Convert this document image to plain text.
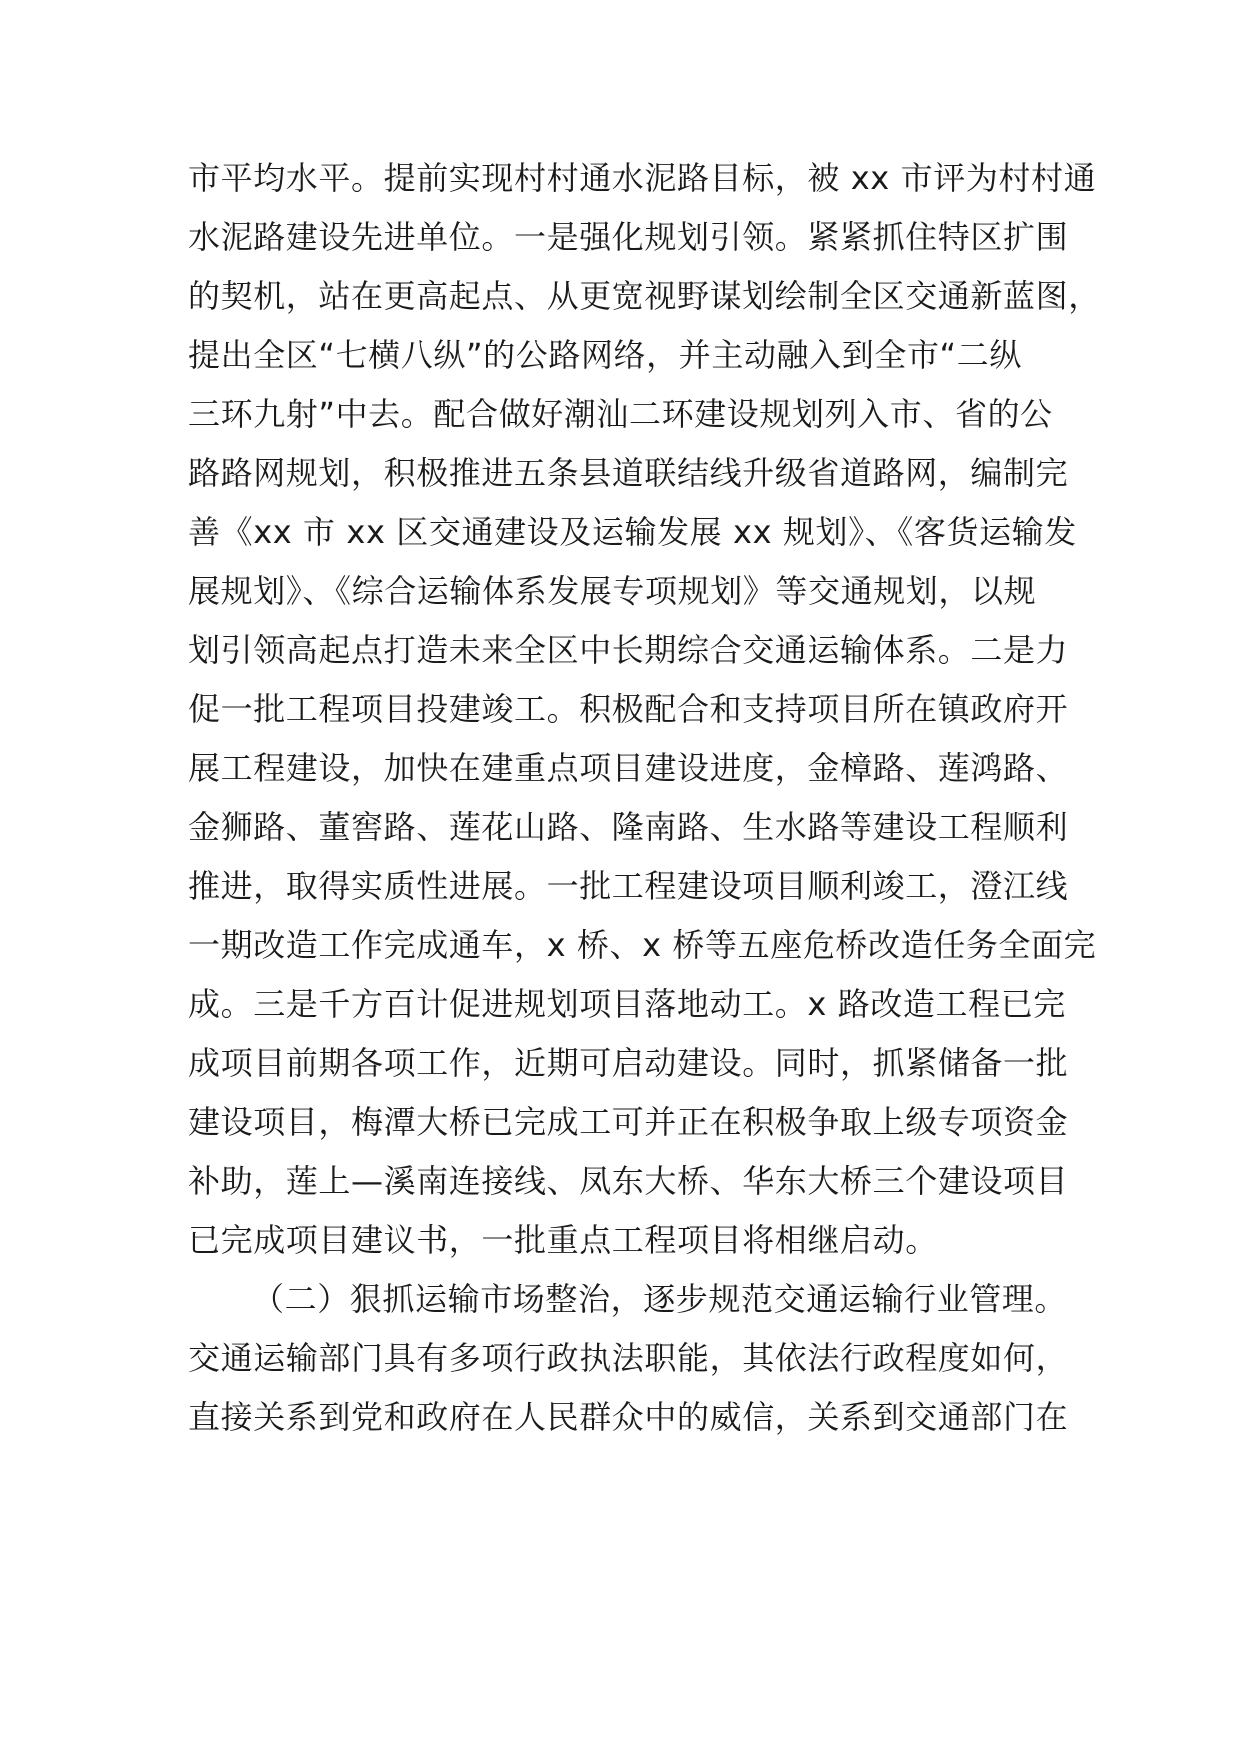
市平均水平。提前实现村村通水泥路目标，被 xx 市评为村村通
水泥路建设先进单位。一是强化规划引领。紧紧抓住特区扩围
的契机，站在更高起点、从更宽视野谋划绘制全区交通新蓝图，
提出全区“七横八纵”的公路网络，并主动融入到全市“二纵
三环九射”中去。配合做好潮汕二环建设规划列入市、省的公
路路网规划，积极推进五条县道联结线升级省道路网，编制完
善《xx 市 xx 区交通建设及运输发展 xx 规划》、《客货运输发
展规划》、《综合运输体系发展专项规划》等交通规划，以规
划引领高起点打造未来全区中长期综合交通运输体系。二是力
促一批工程项目投建竣工。积极配合和支持项目所在镇政府开
展工程建设，加快在建重点项目建设进度，金樟路、莲鸿路、
金狮路、董窖路、莲花山路、隆南路、生水路等建设工程顺利
推进，取得实质性进展。一批工程建设项目顺利竣工，澄江线
一期改造工作完成通车，x 桥、x 桥等五座危桥改造任务全面完
成。三是千方百计促进规划项目落地动工。x 路改造工程已完
成项目前期各项工作，近期可启动建设。同时，抓紧储备一批
建设项目，梅潭大桥已完成工可并正在积极争取上级专项资金
补助，莲上—溪南连接线、凤东大桥、华东大桥三个建设项目
已完成项目建议书，一批重点工程项目将相继启动。
（二）狠抓运输市场整治，逐步规范交通运输行业管理。
交通运输部门具有多项行政执法职能，其依法行政程度如何，
直接关系到党和政府在人民群众中的威信，关系到交通部门在
